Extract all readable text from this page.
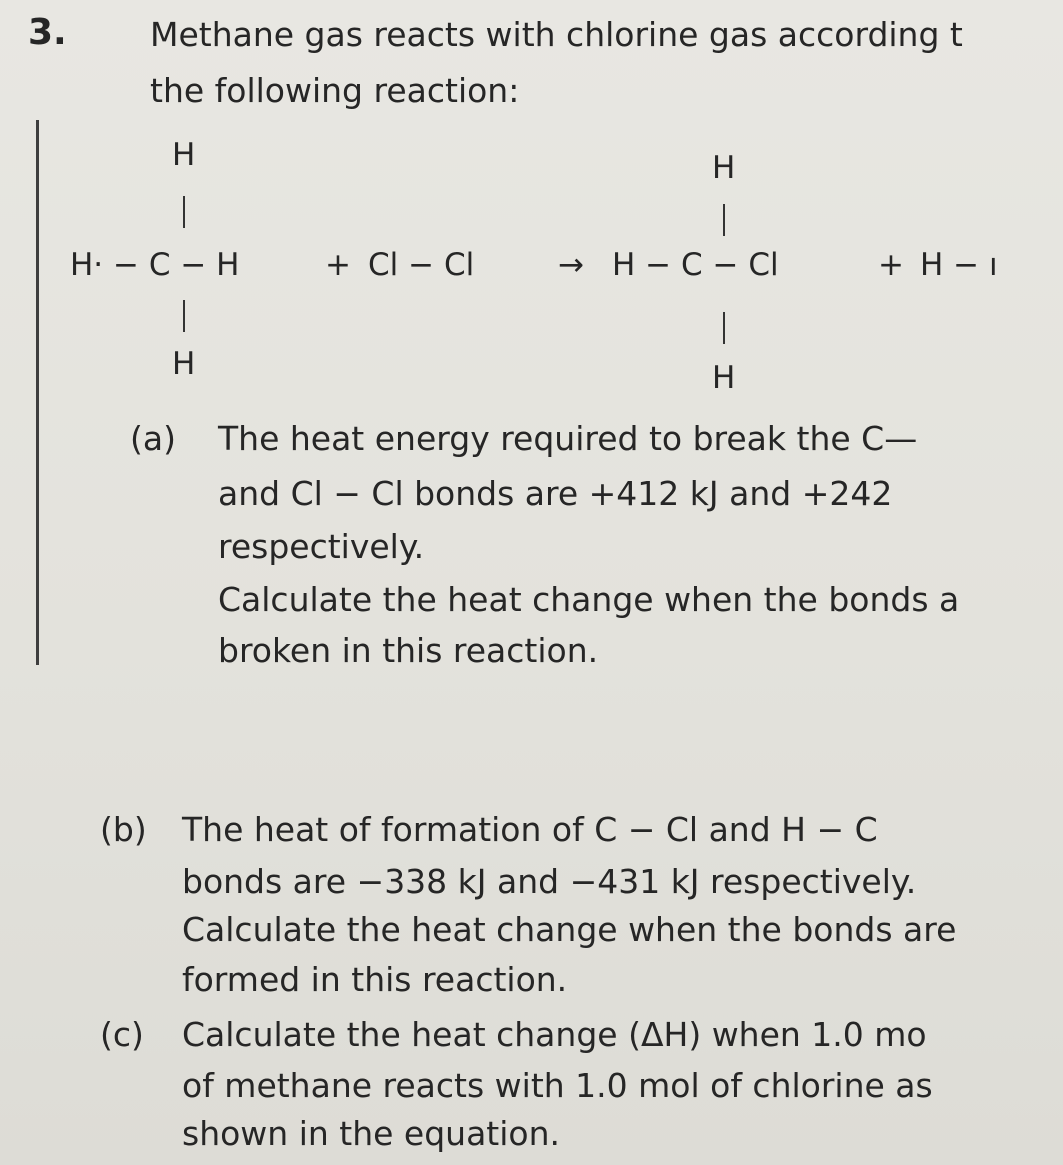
3.	Methane gas reacts with chlorine gas according t
the following reaction:
H
H· − C − H
H
+ Cl − Cl	→
H
H − C − Cl
H
+ H − ı
(a) The heat energy required to break the C—
and Cl − Cl bonds are +412 kJ and +242
respectively.
Calculate the heat change when the bonds a
broken in this reaction.
(b) The heat of formation of C − Cl and H − C
bonds are −338 kJ and −431 kJ respectively.
Calculate the heat change when the bonds are
formed in this reaction.
(c) Calculate the heat change (ΔH) when 1.0 mo
of methane reacts with 1.0 mol of chlorine as
shown in the equation.
